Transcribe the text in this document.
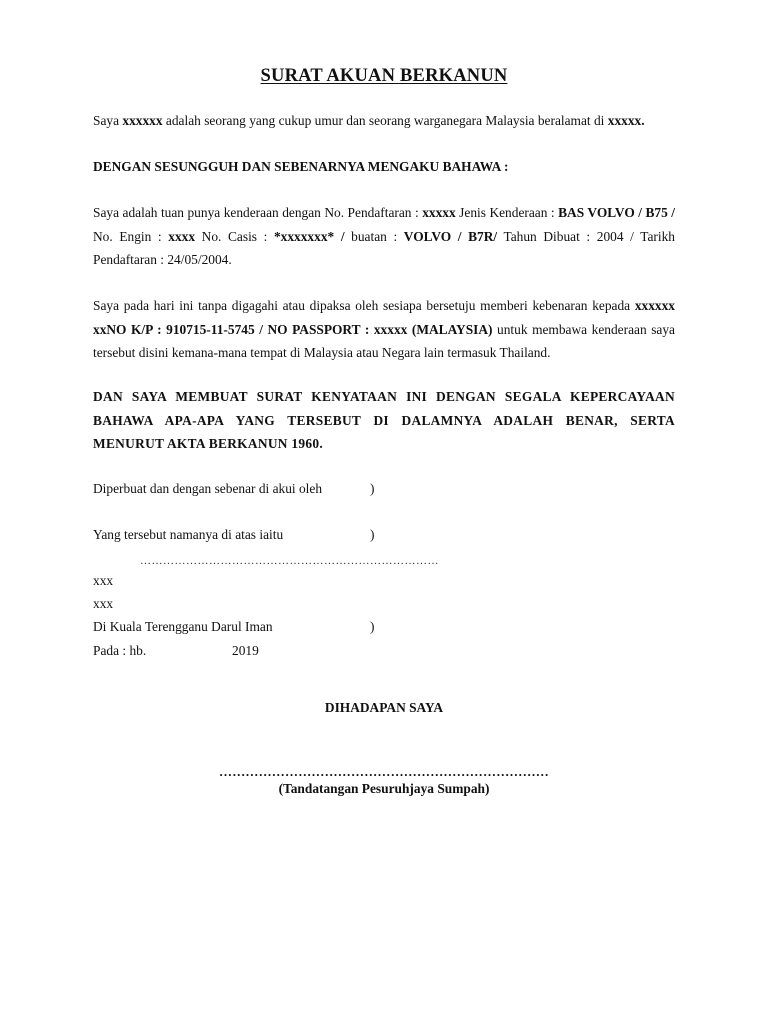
SURAT AKUAN BERKANUN
Saya xxxxxx adalah seorang yang cukup umur dan seorang warganegara Malaysia beralamat di xxxxx.
DENGAN SESUNGGUH DAN SEBENARNYA MENGAKU BAHAWA :
Saya adalah tuan punya kenderaan dengan No. Pendaftaran : xxxxx Jenis Kenderaan : BAS VOLVO / B75 / No. Engin : xxxx No. Casis : *xxxxxxx* / buatan : VOLVO / B7R/ Tahun Dibuat : 2004 / Tarikh Pendaftaran : 24/05/2004.
Saya pada hari ini tanpa digagahi atau dipaksa oleh sesiapa bersetuju memberi kebenaran kepada xxxxxx xxNO K/P : 910715-11-5745 / NO PASSPORT : xxxxx (MALAYSIA) untuk membawa kenderaan saya tersebut disini kemana-mana tempat di Malaysia atau Negara lain termasuk Thailand.
DAN SAYA MEMBUAT SURAT KENYATAAN INI DENGAN SEGALA KEPERCAYAAN BAHAWA APA-APA YANG TERSEBUT DI DALAMNYA ADALAH BENAR, SERTA MENURUT AKTA BERKANUN 1960.
Diperbuat dan dengan sebenar di akui oleh	)
Yang tersebut namanya di atas iaitu	)
……………………………………………………………………
xxx
xxx
Di Kuala Terengganu Darul Iman	)
Pada : hb.	2019
DIHADAPAN SAYA
…………………………………………………………………
(Tandatangan Pesuruhjaya Sumpah)
